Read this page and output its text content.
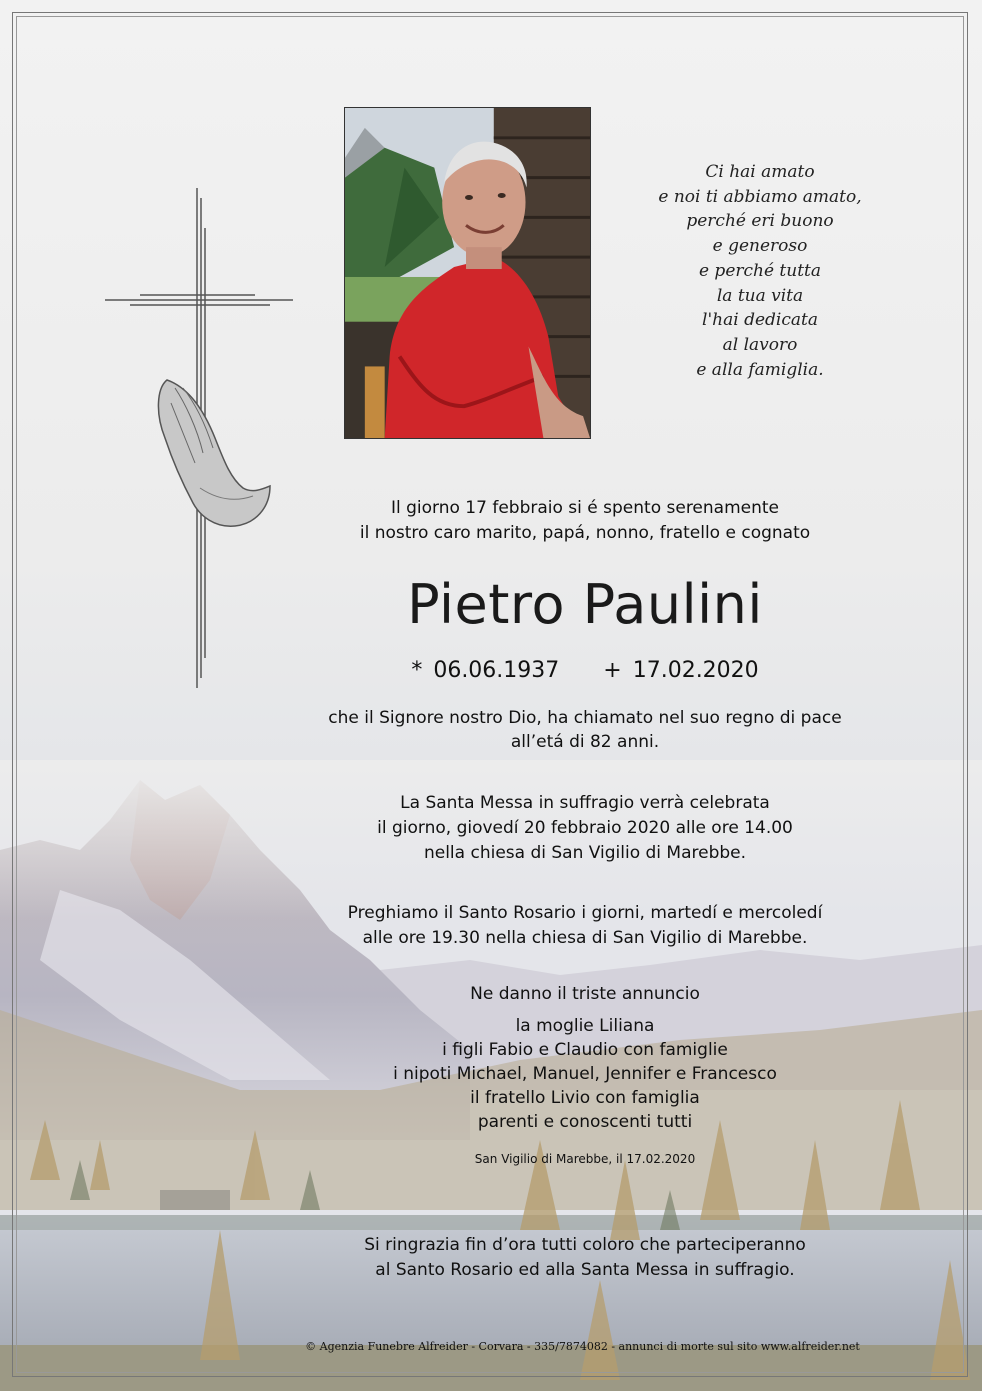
Ci hai amato
e noi ti abbiamo amato,
perché eri buono
e generoso
e perché tutta
la tua vita
l'hai dedicata
al lavoro
e alla famiglia.
Il giorno 17 febbraio si é spento serenamente
il nostro caro marito, papá, nonno, fratello e cognato
Pietro Paulini
* 06.06.1937 + 17.02.2020
che il Signore nostro Dio, ha chiamato nel suo regno di pace
all’etá di 82 anni.
La Santa Messa in suffragio verrà celebrata
il giorno, giovedí 20 febbraio 2020 alle ore 14.00
nella chiesa di San Vigilio di Marebbe.
Preghiamo il Santo Rosario i giorni, martedí e mercoledí
alle ore 19.30 nella chiesa di San Vigilio di Marebbe.
Ne danno il triste annuncio
la moglie Liliana
i figli Fabio e Claudio con famiglie
i nipoti Michael, Manuel, Jennifer e Francesco
il fratello Livio con famiglia
parenti e conoscenti tutti
San Vigilio di Marebbe, il 17.02.2020
Si ringrazia fin d’ora tutti coloro che parteciperanno
al Santo Rosario ed alla Santa Messa in suffragio.
© Agenzia Funebre Alfreider - Corvara - 335/7874082 - annunci di morte sul sito www.alfreider.net
